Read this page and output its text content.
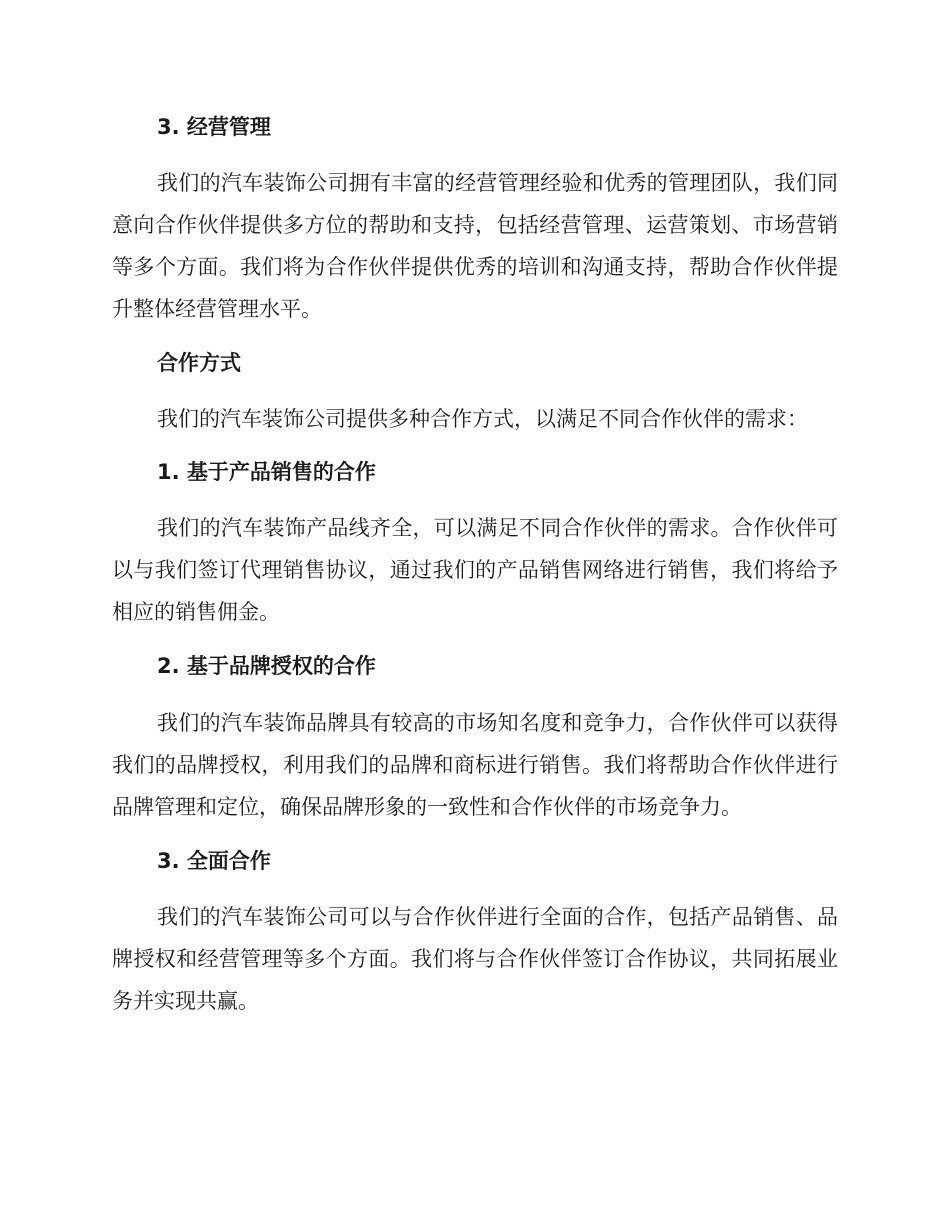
3. 经营管理

我们的汽车装饰公司拥有丰富的经营管理经验和优秀的管理团队，我们同意向合作伙伴提供多方位的帮助和支持，包括经营管理、运营策划、市场营销等多个方面。我们将为合作伙伴提供优秀的培训和沟通支持，帮助合作伙伴提升整体经营管理水平。

合作方式

我们的汽车装饰公司提供多种合作方式，以满足不同合作伙伴的需求：

1. 基于产品销售的合作

我们的汽车装饰产品线齐全，可以满足不同合作伙伴的需求。合作伙伴可以与我们签订代理销售协议，通过我们的产品销售网络进行销售，我们将给予相应的销售佣金。

2. 基于品牌授权的合作

我们的汽车装饰品牌具有较高的市场知名度和竞争力，合作伙伴可以获得我们的品牌授权，利用我们的品牌和商标进行销售。我们将帮助合作伙伴进行品牌管理和定位，确保品牌形象的一致性和合作伙伴的市场竞争力。

3. 全面合作

我们的汽车装饰公司可以与合作伙伴进行全面的合作，包括产品销售、品牌授权和经营管理等多个方面。我们将与合作伙伴签订合作协议，共同拓展业务并实现共赢。
